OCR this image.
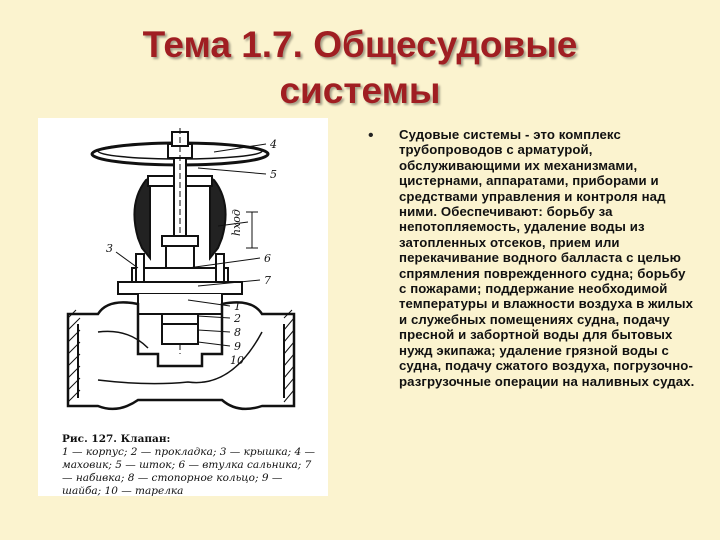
Тема 1.7. Общесудовые
системы
4
5
6
7
3
1
2
8
9
10
hход
Рис. 127. Клапан:
1 — корпус; 2 — прокладка; 3 — крышка; 4 — маховик; 5 — шток; 6 — втулка сальника; 7 — набивка; 8 — стопорное кольцо; 9 — шайба; 10 — тарелка
• Судовые системы - это комплекс трубопроводов с арматурой, обслуживающими их механизмами, цистернами, аппаратами, приборами и средствами управления и контроля над ними. Обеспечивают: борьбу за непотопляемость, удаление воды из затопленных отсеков, прием или перекачивание водного балласта с целью спрямления поврежденного судна; борьбу с пожарами; поддержание необходимой температуры и влажности воздуха в жилых и служебных помещениях судна, подачу пресной и забортной воды для бытовых нужд экипажа; удаление грязной воды с судна, подачу сжатого воздуха, погрузочно-разгрузочные операции на наливных судах.
